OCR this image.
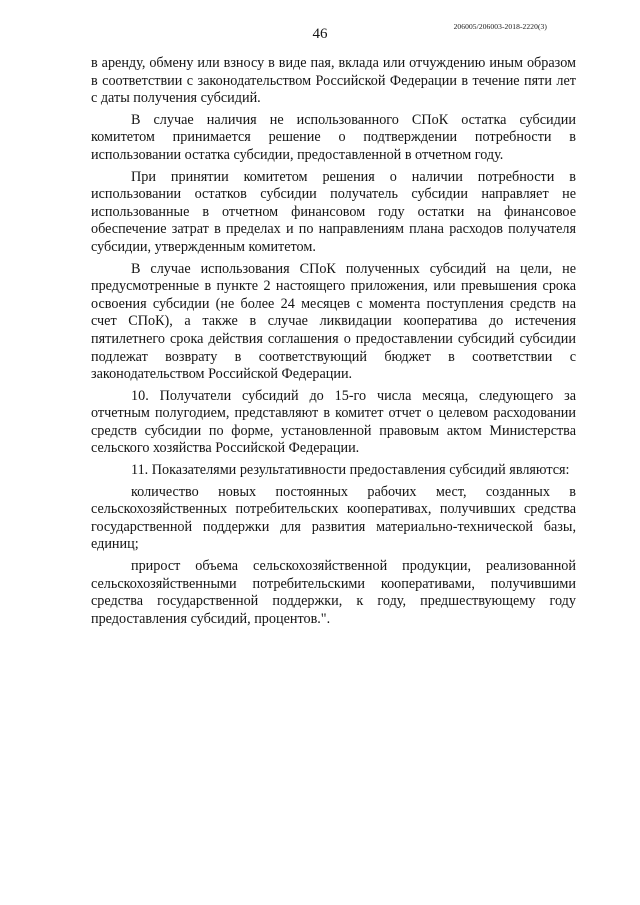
46	206005/206003-2018-2220(3)

в аренду, обмену или взносу в виде пая, вклада или отчуждению иным образом в соответствии с законодательством Российской Федерации в течение пяти лет с даты получения субсидий.

В случае наличия не использованного СПоК остатка субсидии комитетом принимается решение о подтверждении потребности в использовании остатка субсидии, предоставленной в отчетном году.

При принятии комитетом решения о наличии потребности в использовании остатков субсидии получатель субсидии направляет не использованные в отчетном финансовом году остатки на финансовое обеспечение затрат в пределах и по направлениям плана расходов получателя субсидии, утвержденным комитетом.

В случае использования СПоК полученных субсидий на цели, не предусмотренные в пункте 2 настоящего приложения, или превышения срока освоения субсидии (не более 24 месяцев с момента поступления средств на счет СПоК), а также в случае ликвидации кооператива до истечения пятилетнего срока действия соглашения о предоставлении субсидий субсидии подлежат возврату в соответствующий бюджет в соответствии с законодательством Российской Федерации.

10. Получатели субсидий до 15-го числа месяца, следующего за отчетным полугодием, представляют в комитет отчет о целевом расходовании средств субсидии по форме, установленной правовым актом Министерства сельского хозяйства Российской Федерации.

11. Показателями результативности предоставления субсидий являются:

количество новых постоянных рабочих мест, созданных в сельскохозяйственных потребительских кооперативах, получивших средства государственной поддержки для развития материально-технической базы, единиц;

прирост объема сельскохозяйственной продукции, реализованной сельскохозяйственными потребительскими кооперативами, получившими средства государственной поддержки, к году, предшествующему году предоставления субсидий, процентов.".
